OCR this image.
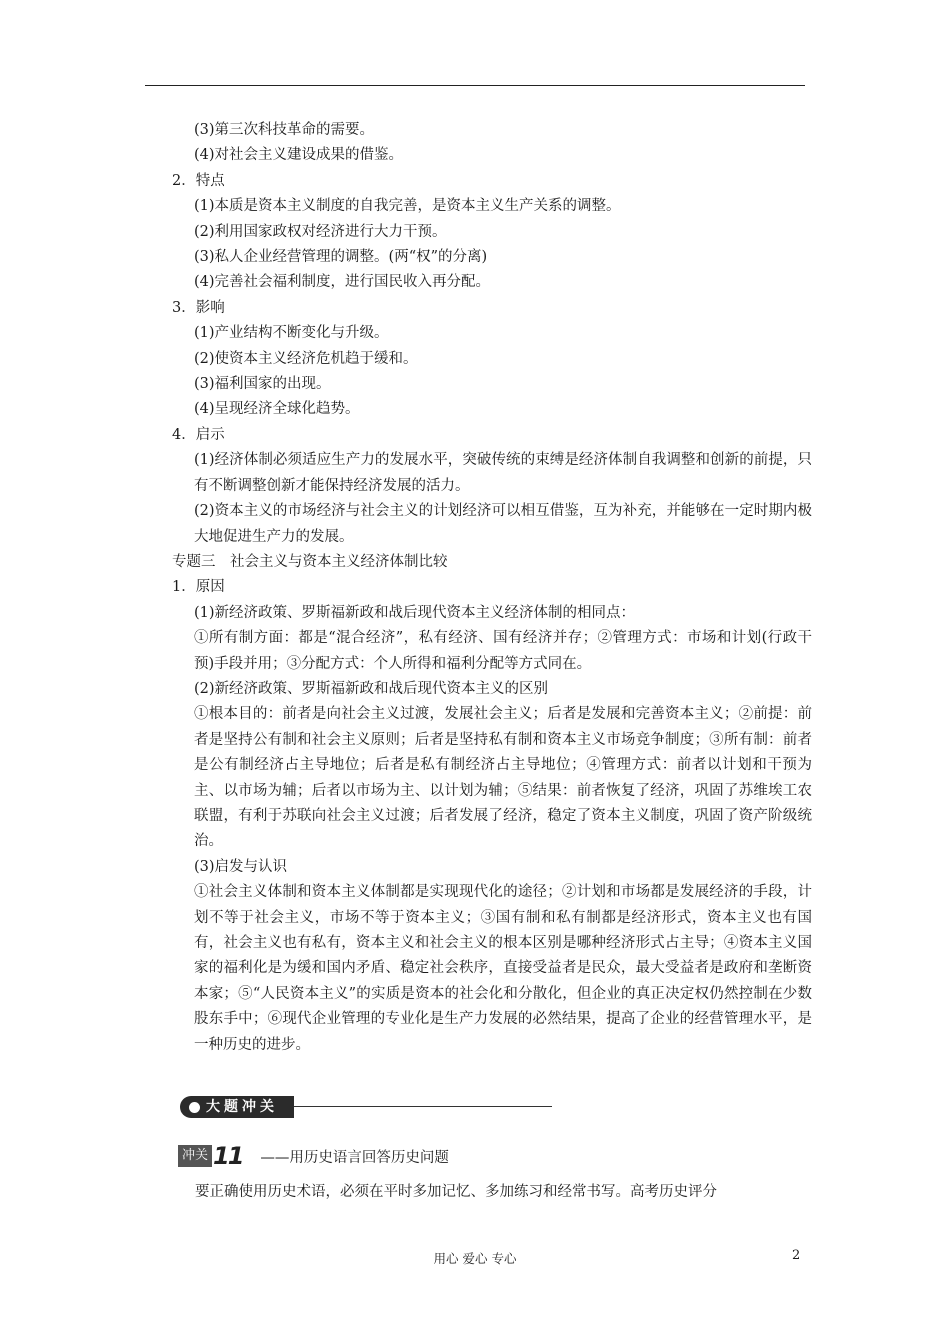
(3)第三次科技革命的需要。
(4)对社会主义建设成果的借鉴。
2．特点
(1)本质是资本主义制度的自我完善，是资本主义生产关系的调整。
(2)利用国家政权对经济进行大力干预。
(3)私人企业经营管理的调整。(两“权”的分离)
(4)完善社会福利制度，进行国民收入再分配。
3．影响
(1)产业结构不断变化与升级。
(2)使资本主义经济危机趋于缓和。
(3)福利国家的出现。
(4)呈现经济全球化趋势。
4．启示
(1)经济体制必须适应生产力的发展水平，突破传统的束缚是经济体制自我调整和创新的前提，只有不断调整创新才能保持经济发展的活力。
(2)资本主义的市场经济与社会主义的计划经济可以相互借鉴，互为补充，并能够在一定时期内极大地促进生产力的发展。
专题三　社会主义与资本主义经济体制比较
1．原因
(1)新经济政策、罗斯福新政和战后现代资本主义经济体制的相同点：
①所有制方面：都是“混合经济”，私有经济、国有经济并存；②管理方式：市场和计划(行政干预)手段并用；③分配方式：个人所得和福利分配等方式同在。
(2)新经济政策、罗斯福新政和战后现代资本主义的区别
①根本目的：前者是向社会主义过渡，发展社会主义；后者是发展和完善资本主义；②前提：前者是坚持公有制和社会主义原则；后者是坚持私有制和资本主义市场竞争制度；③所有制：前者是公有制经济占主导地位；后者是私有制经济占主导地位；④管理方式：前者以计划和干预为主、以市场为辅；后者以市场为主、以计划为辅；⑤结果：前者恢复了经济，巩固了苏维埃工农联盟，有利于苏联向社会主义过渡；后者发展了经济，稳定了资本主义制度，巩固了资产阶级统治。
(3)启发与认识
①社会主义体制和资本主义体制都是实现现代化的途径；②计划和市场都是发展经济的手段，计划不等于社会主义，市场不等于资本主义；③国有制和私有制都是经济形式，资本主义也有国有，社会主义也有私有，资本主义和社会主义的根本区别是哪种经济形式占主导；④资本主义国家的福利化是为缓和国内矛盾、稳定社会秩序，直接受益者是民众，最大受益者是政府和垄断资本家；⑤“人民资本主义”的实质是资本的社会化和分散化，但企业的真正决定权仍然控制在少数股东手中；⑥现代企业管理的专业化是生产力发展的必然结果，提高了企业的经营管理水平，是一种历史的进步。
大题冲关
冲关 11 ——用历史语言回答历史问题
要正确使用历史术语，必须在平时多加记忆、多加练习和经常书写。高考历史评分
用心 爱心 专心	2
